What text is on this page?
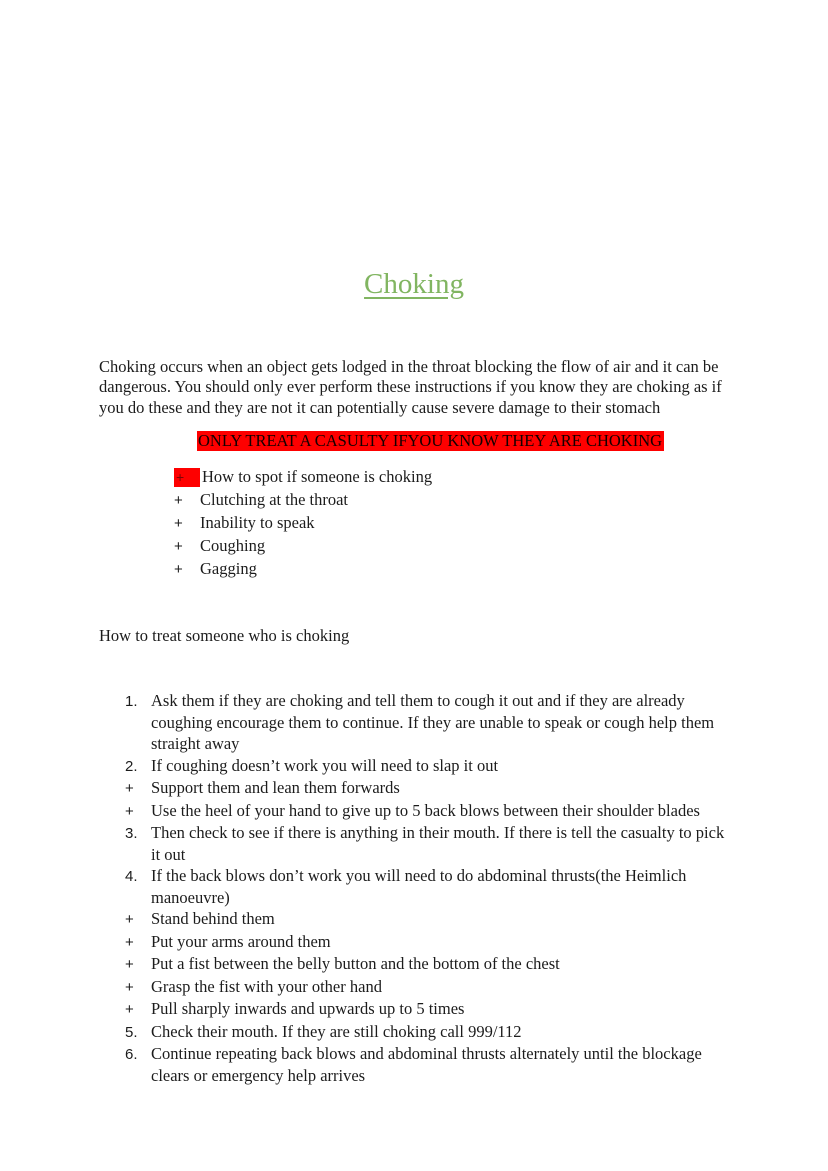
Choking

Choking occurs when an object gets lodged in the throat blocking the flow of air and it can be dangerous. You should only ever perform these instructions if you know they are choking as if you do these and they are not it can potentially cause severe damage to their stomach

ONLY TREAT A CASULTY IFYOU KNOW THEY ARE CHOKING
+	How to spot if someone is choking
+	Clutching at the throat
+	Inability to speak
+	Coughing
+	Gagging
How to treat someone who is choking
1. Ask them if they are choking and tell them to cough it out and if they are already coughing encourage them to continue. If they are unable to speak or cough help them straight away
2. If coughing doesn’t work you will need to slap it out
+	Support them and lean them forwards
+	Use the heel of your hand to give up to 5 back blows between their shoulder blades
3. Then check to see if there is anything in their mouth. If there is tell the casualty to pick it out
4. If the back blows don’t work you will need to do abdominal thrusts(the Heimlich manoeuvre)
+	Stand behind them
+	Put your arms around them
+	Put a fist between the belly button and the bottom of the chest
+	Grasp the fist with your other hand
+	Pull sharply inwards and upwards up to 5 times
5. Check their mouth. If they are still choking call 999/112
6. Continue repeating back blows and abdominal thrusts alternately until the blockage clears or emergency help arrives
